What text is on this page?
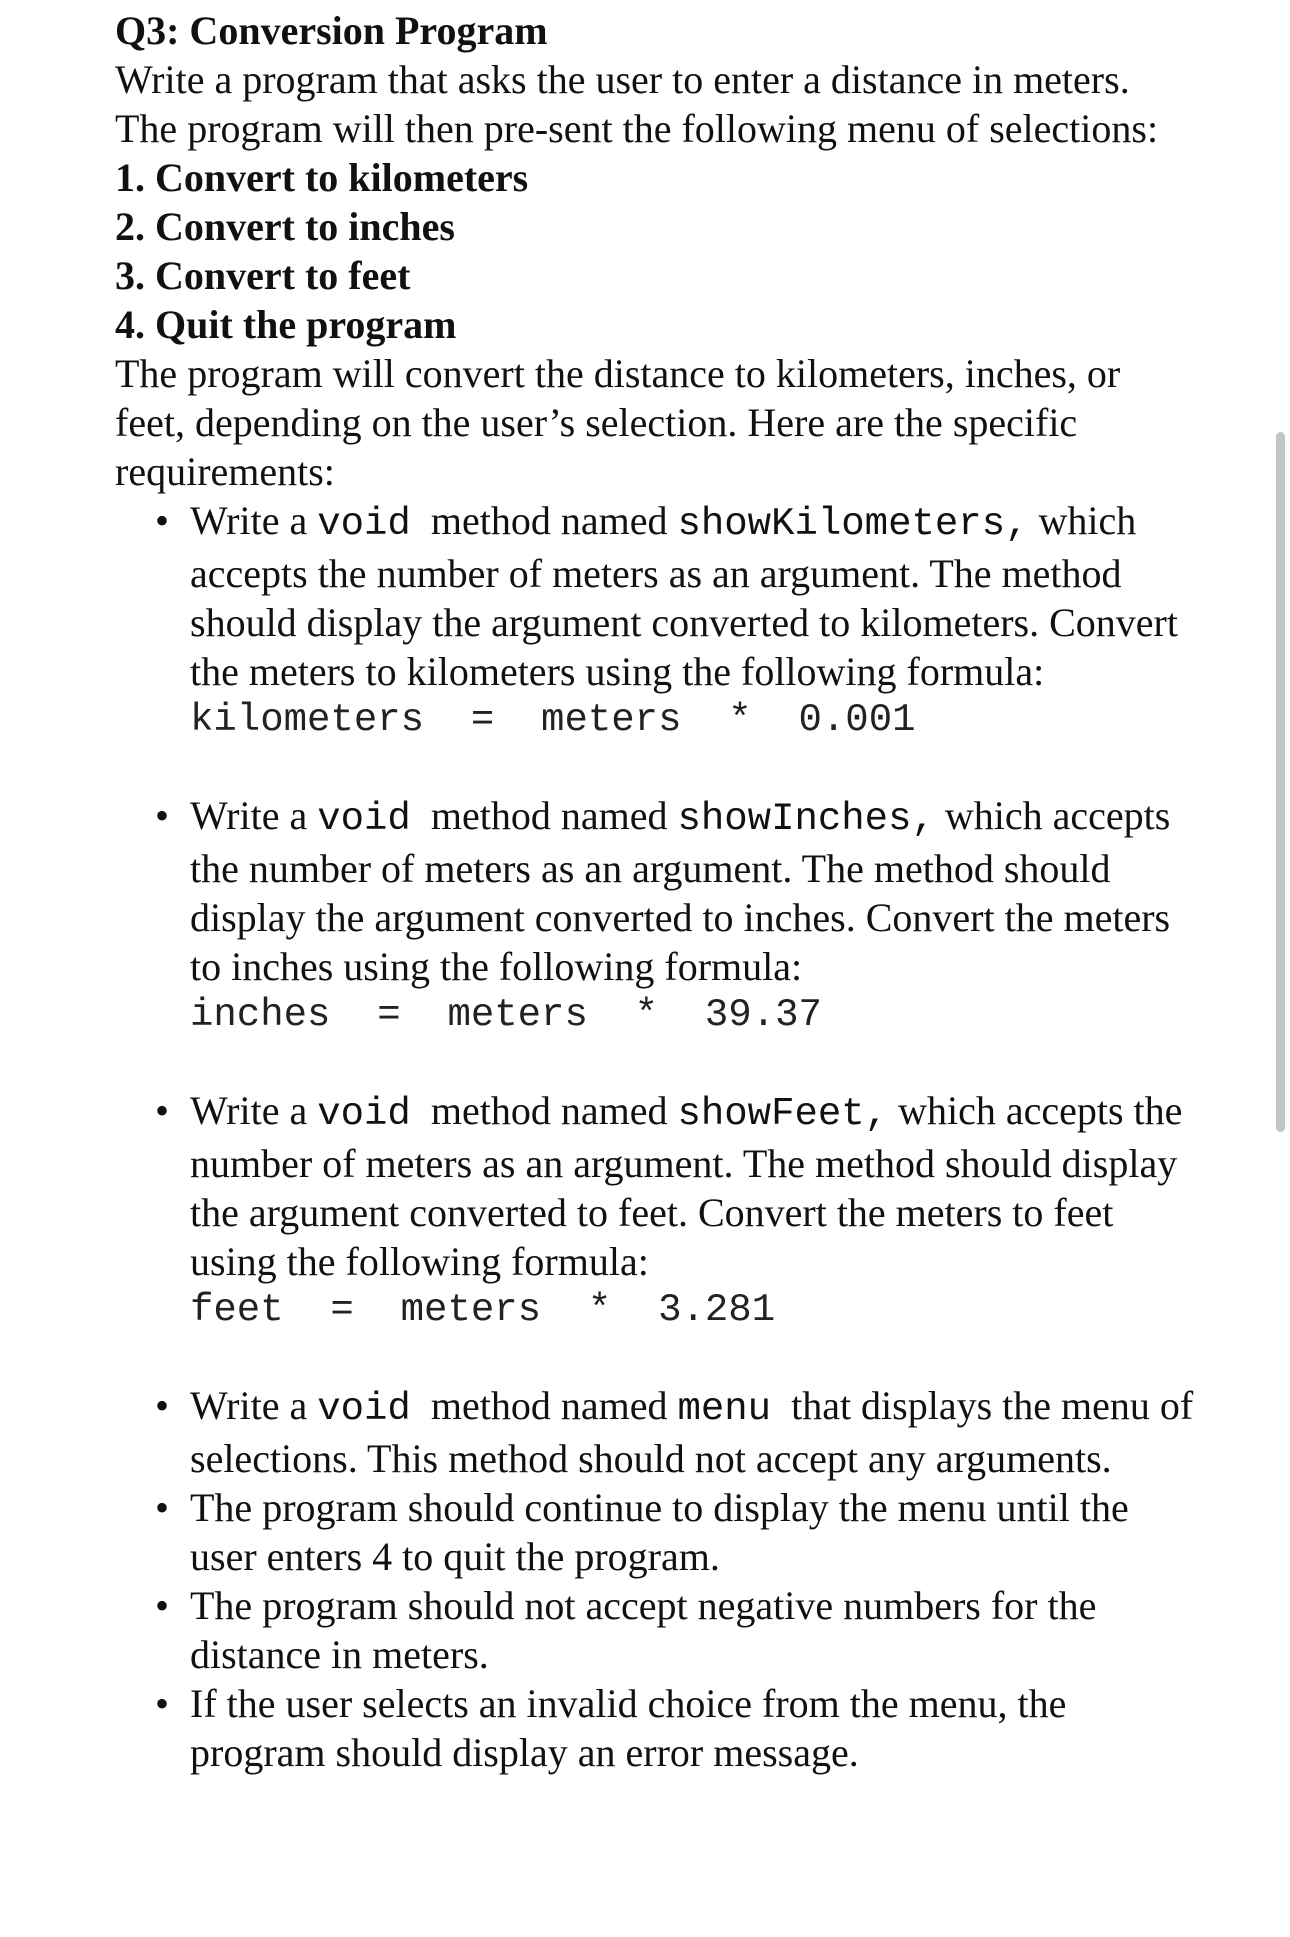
Q3: Conversion Program

Write a program that asks the user to enter a distance in meters. The program will then pre-sent the following menu of selections:

1. Convert to kilometers

2. Convert to inches

3. Convert to feet

4. Quit the program

The program will convert the distance to kilometers, inches, or feet, depending on the user’s selection. Here are the specific requirements:

• Write a void method named showKilometers, which accepts the number of meters as an argument. The method should display the argument converted to kilometers. Convert the meters to kilometers using the following formula:
kilometers  =  meters  *  0.001
• Write a void method named showInches, which accepts the number of meters as an argument. The method should display the argument converted to inches. Convert the meters to inches using the following formula:
inches  =  meters  *  39.37
• Write a void method named showFeet, which accepts the number of meters as an argument. The method should display the argument converted to feet. Convert the meters to feet using the following formula:
feet  =  meters  *  3.281
• Write a void method named menu that displays the menu of selections. This method should not accept any arguments.
• The program should continue to display the menu until the user enters 4 to quit the program.
• The program should not accept negative numbers for the distance in meters.
• If the user selects an invalid choice from the menu, the program should display an error message.
